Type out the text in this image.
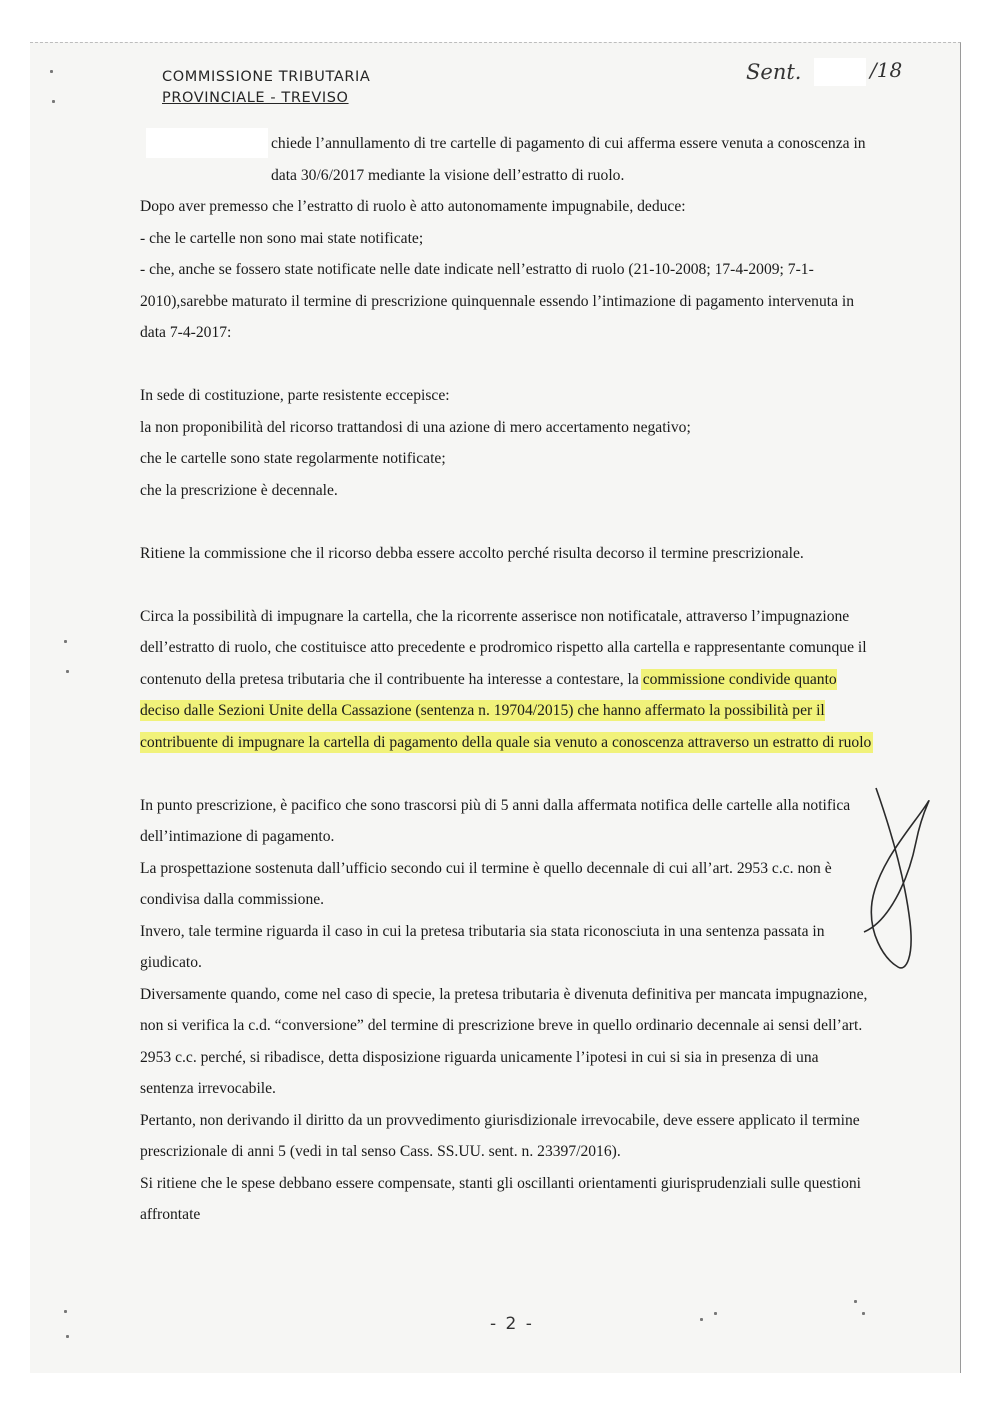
COMMISSIONE TRIBUTARIA
PROVINCIALE - TREVISO
Sent.	/18

chiede l’annullamento di tre cartelle di pagamento di cui afferma essere venuta a conoscenza in data 30/6/2017 mediante la visione dell’estratto di ruolo.

Dopo aver premesso che l’estratto di ruolo è atto autonomamente impugnabile, deduce:

- che le cartelle non sono mai state notificate;

- che, anche se fossero state notificate nelle date indicate nell’estratto di ruolo (21-10-2008; 17-4-2009; 7-1-2010),sarebbe maturato il termine di prescrizione quinquennale essendo l’intimazione di pagamento intervenuta in data 7-4-2017:

In sede di costituzione, parte resistente eccepisce:

la non proponibilità del ricorso trattandosi di una azione di mero accertamento negativo;

che le cartelle sono state regolarmente notificate;

che la prescrizione è decennale.

Ritiene la commissione che il ricorso debba essere accolto perché risulta decorso il termine prescrizionale.

Circa la possibilità di impugnare la cartella, che la ricorrente asserisce non notificatale, attraverso l’impugnazione dell’estratto di ruolo, che costituisce atto precedente e prodromico rispetto alla cartella e rappresentante comunque il contenuto della pretesa tributaria che il contribuente ha interesse a contestare, la commissione condivide quanto deciso dalle Sezioni Unite della Cassazione (sentenza n. 19704/2015) che hanno affermato la possibilità per il contribuente di impugnare la cartella di pagamento della quale sia venuto a conoscenza attraverso un estratto di ruolo

In punto prescrizione, è pacifico che sono trascorsi più di 5 anni dalla affermata notifica delle cartelle alla notifica dell’intimazione di pagamento.

La prospettazione sostenuta dall’ufficio secondo cui il termine è quello decennale di cui all’art. 2953 c.c. non è condivisa dalla commissione.

Invero, tale termine riguarda il caso in cui la pretesa tributaria sia stata riconosciuta in una sentenza passata in giudicato.

Diversamente quando, come nel caso di specie, la pretesa tributaria è divenuta definitiva per mancata impugnazione, non si verifica la c.d. “conversione” del termine di prescrizione breve in quello ordinario decennale ai sensi dell’art. 2953 c.c. perché, si ribadisce, detta disposizione riguarda unicamente l’ipotesi in cui si sia in presenza di una sentenza irrevocabile.

Pertanto, non derivando il diritto da un provvedimento giurisdizionale irrevocabile, deve essere applicato il termine prescrizionale di anni 5 (vedi in tal senso Cass. SS.UU. sent. n. 23397/2016).

Si ritiene che le spese debbano essere compensate, stanti gli oscillanti orientamenti giurisprudenziali sulle questioni affrontate

- 2 -
